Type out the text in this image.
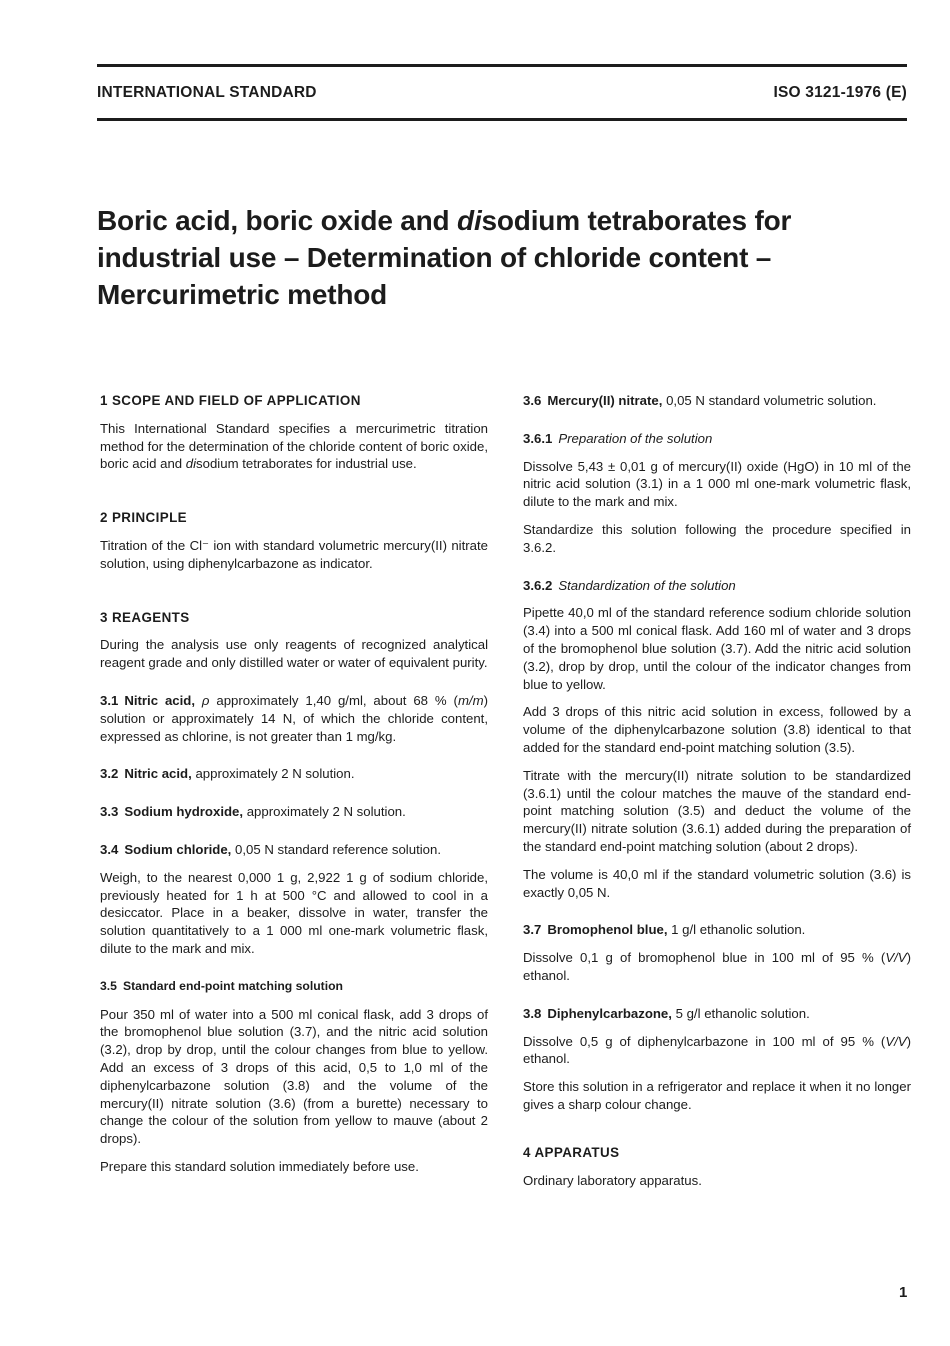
INTERNATIONAL STANDARD	ISO 3121-1976 (E)
Boric acid, boric oxide and disodium tetraborates for industrial use – Determination of chloride content – Mercurimetric method
1 SCOPE AND FIELD OF APPLICATION

This International Standard specifies a mercurimetric titration method for the determination of the chloride content of boric oxide, boric acid and disodium tetraborates for industrial use.

2 PRINCIPLE

Titration of the Cl⁻ ion with standard volumetric mercury(II) nitrate solution, using diphenylcarbazone as indicator.

3 REAGENTS

During the analysis use only reagents of recognized analytical reagent grade and only distilled water or water of equivalent purity.

3.1 Nitric acid, ρ approximately 1,40 g/ml, about 68 % (m/m) solution or approximately 14 N, of which the chloride content, expressed as chlorine, is not greater than 1 mg/kg.

3.2 Nitric acid, approximately 2 N solution.

3.3 Sodium hydroxide, approximately 2 N solution.

3.4 Sodium chloride, 0,05 N standard reference solution.

Weigh, to the nearest 0,000 1 g, 2,922 1 g of sodium chloride, previously heated for 1 h at 500 °C and allowed to cool in a desiccator. Place in a beaker, dissolve in water, transfer the solution quantitatively to a 1 000 ml one-mark volumetric flask, dilute to the mark and mix.

3.5 Standard end-point matching solution

Pour 350 ml of water into a 500 ml conical flask, add 3 drops of the bromophenol blue solution (3.7), and the nitric acid solution (3.2), drop by drop, until the colour changes from blue to yellow. Add an excess of 3 drops of this acid, 0,5 to 1,0 ml of the diphenylcarbazone solution (3.8) and the volume of the mercury(II) nitrate solution (3.6) (from a burette) necessary to change the colour of the solution from yellow to mauve (about 2 drops).

Prepare this standard solution immediately before use.

3.6 Mercury(II) nitrate, 0,05 N standard volumetric solution.

3.6.1 Preparation of the solution

Dissolve 5,43 ± 0,01 g of mercury(II) oxide (HgO) in 10 ml of the nitric acid solution (3.1) in a 1 000 ml one-mark volumetric flask, dilute to the mark and mix.

Standardize this solution following the procedure specified in 3.6.2.

3.6.2 Standardization of the solution

Pipette 40,0 ml of the standard reference sodium chloride solution (3.4) into a 500 ml conical flask. Add 160 ml of water and 3 drops of the bromophenol blue solution (3.7). Add the nitric acid solution (3.2), drop by drop, until the colour of the indicator changes from blue to yellow.

Add 3 drops of this nitric acid solution in excess, followed by a volume of the diphenylcarbazone solution (3.8) identical to that added for the standard end-point matching solution (3.5).

Titrate with the mercury(II) nitrate solution to be standardized (3.6.1) until the colour matches the mauve of the standard end-point matching solution (3.5) and deduct the volume of the mercury(II) nitrate solution (3.6.1) added during the preparation of the standard end-point matching solution (about 2 drops).

The volume is 40,0 ml if the standard volumetric solution (3.6) is exactly 0,05 N.

3.7 Bromophenol blue, 1 g/l ethanolic solution.

Dissolve 0,1 g of bromophenol blue in 100 ml of 95 % (V/V) ethanol.

3.8 Diphenylcarbazone, 5 g/l ethanolic solution.

Dissolve 0,5 g of diphenylcarbazone in 100 ml of 95 % (V/V) ethanol.

Store this solution in a refrigerator and replace it when it no longer gives a sharp colour change.

4 APPARATUS

Ordinary laboratory apparatus.

1
